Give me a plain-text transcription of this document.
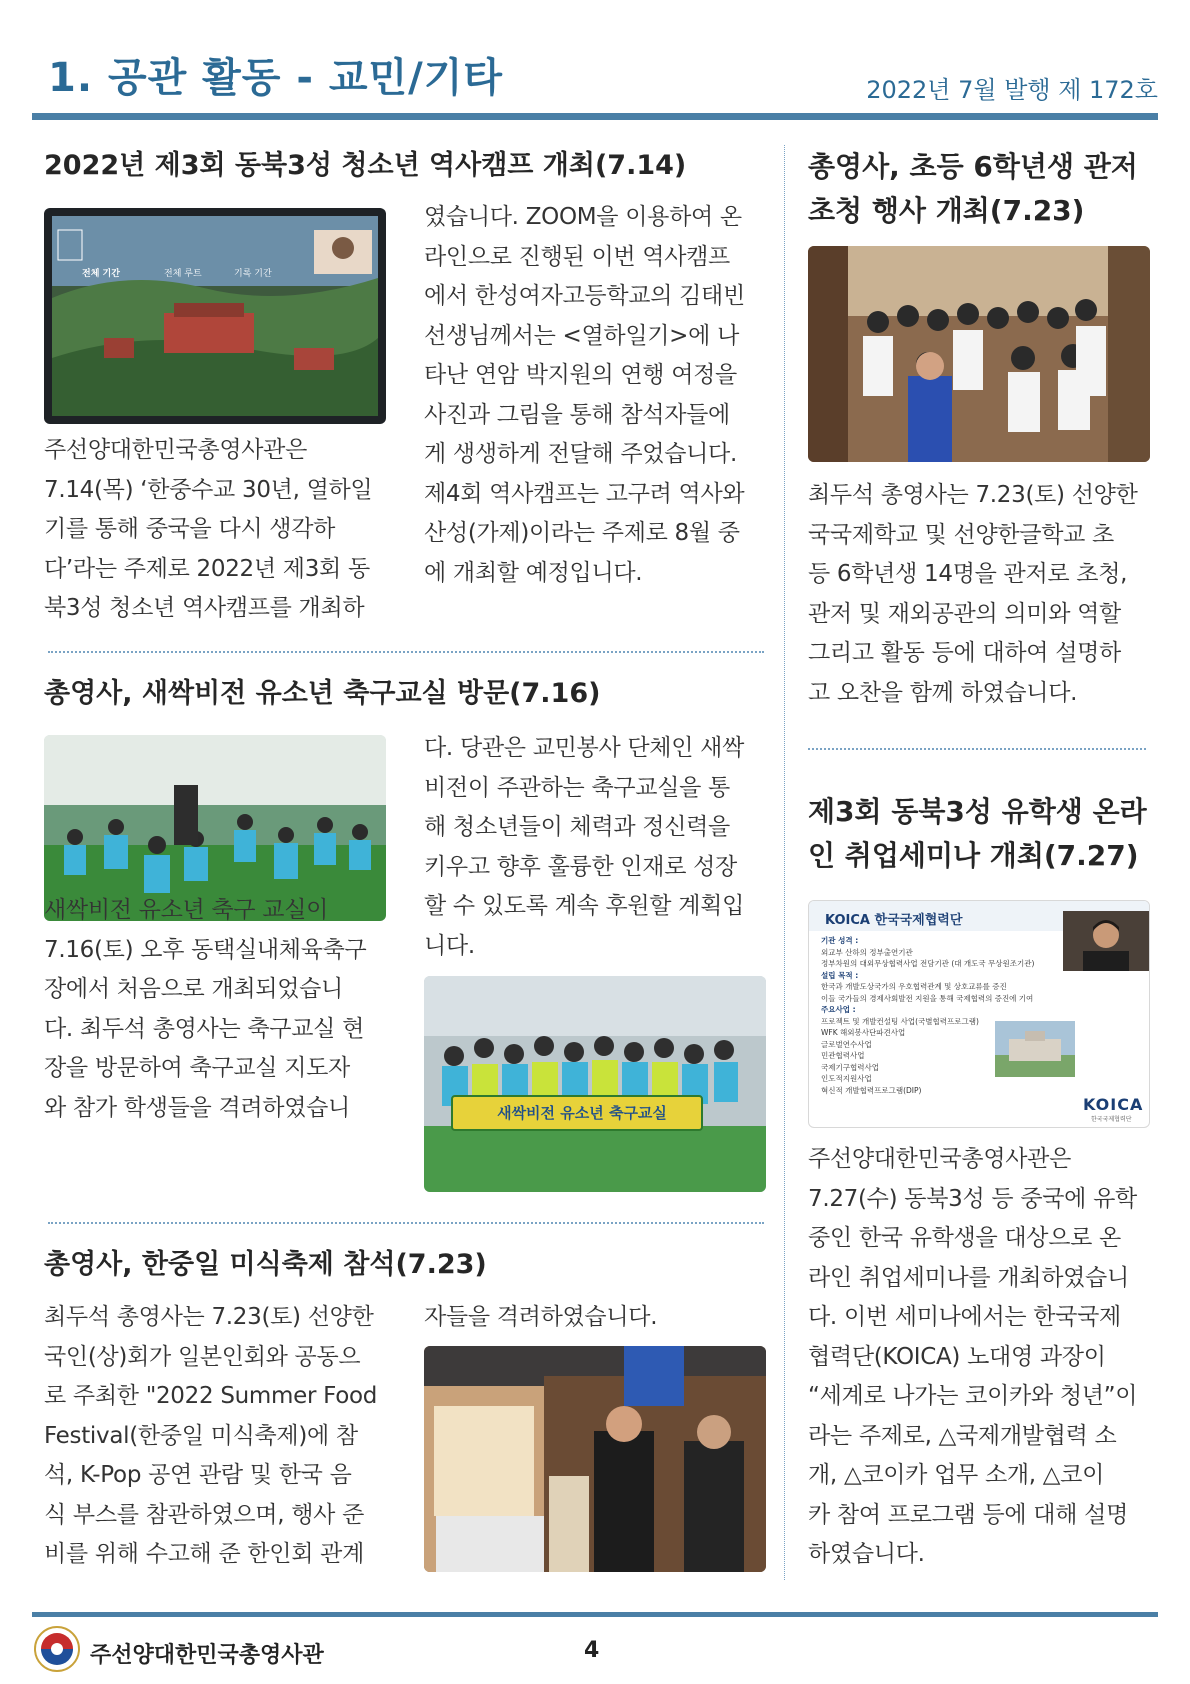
1. 공관 활동 - 교민/기타	2022년 7월 발행 제 172호
2022년 제3회 동북3성 청소년 역사캠프 개최(7.14)
전체 기간	전체 루트	기록 기간
주선양대한민국총영사관은
7.14(목) ‘한중수교 30년, 열하일
기를 통해 중국을 다시 생각하
다’라는 주제로 2022년 제3회 동
북3성 청소년 역사캠프를 개최하
였습니다. ZOOM을 이용하여 온
라인으로 진행된 이번 역사캠프
에서 한성여자고등학교의 김태빈
선생님께서는 <열하일기>에 나
타난 연암 박지원의 연행 여정을
사진과 그림을 통해 참석자들에
게 생생하게 전달해 주었습니다.
제4회 역사캠프는 고구려 역사와
산성(가제)이라는 주제로 8월 중
에 개최할 예정입니다.
총영사, 새싹비전 유소년 축구교실 방문(7.16)
새싹비전 유소년 축구 교실이
7.16(토) 오후 동택실내체육축구
장에서 처음으로 개최되었습니
다. 최두석 총영사는 축구교실 현
장을 방문하여 축구교실 지도자
와 참가 학생들을 격려하였습니
다. 당관은 교민봉사 단체인 새싹
비전이 주관하는 축구교실을 통
해 청소년들이 체력과 정신력을
키우고 향후 훌륭한 인재로 성장
할 수 있도록 계속 후원할 계획입
니다.
새싹비전 유소년 축구교실
총영사, 한중일 미식축제 참석(7.23)
최두석 총영사는 7.23(토) 선양한
국인(상)회가 일본인회와 공동으
로 주최한 "2022 Summer Food
Festival(한중일 미식축제)에 참
석, K-Pop 공연 관람 및 한국 음
식 부스를 참관하였으며, 행사 준
비를 위해 수고해 준 한인회 관계
자들을 격려하였습니다.
총영사, 초등 6학년생 관저
초청 행사 개최(7.23)
최두석 총영사는 7.23(토) 선양한
국국제학교 및 선양한글학교 초
등 6학년생 14명을 관저로 초청,
관저 및 재외공관의 의미와 역할
그리고 활동 등에 대하여 설명하
고 오찬을 함께 하였습니다.
제3회 동북3성 유학생 온라
인 취업세미나 개최(7.27)
KOICA 한국국제협력단
기관 성격 :
외교부 산하의 정부출연기관
정부차원의 대외무상협력사업 전담기관 (대 개도국 무상원조기관)
설립 목적 :
한국과 개발도상국가의 우호협력관계 및 상호교류를 증진
이들 국가들의 경제사회발전 지원을 통해 국제협력의 증진에 기여
주요사업 :
프로젝트 및 개발컨설팅 사업(국별협력프로그램)
WFK 해외봉사단파견사업
글로벌연수사업
민관협력사업
국제기구협력사업
인도적지원사업
혁신적 개발협력프로그램(DIP)
KOICA
한국국제협력단
주선양대한민국총영사관은
7.27(수) 동북3성 등 중국에 유학
중인 한국 유학생을 대상으로 온
라인 취업세미나를 개최하였습니
다. 이번 세미나에서는 한국국제
협력단(KOICA) 노대영 과장이
“세계로 나가는 코이카와 청년”이
라는 주제로, △국제개발협력 소
개, △코이카 업무 소개, △코이
카 참여 프로그램 등에 대해 설명
하였습니다.
주선양대한민국총영사관	4
